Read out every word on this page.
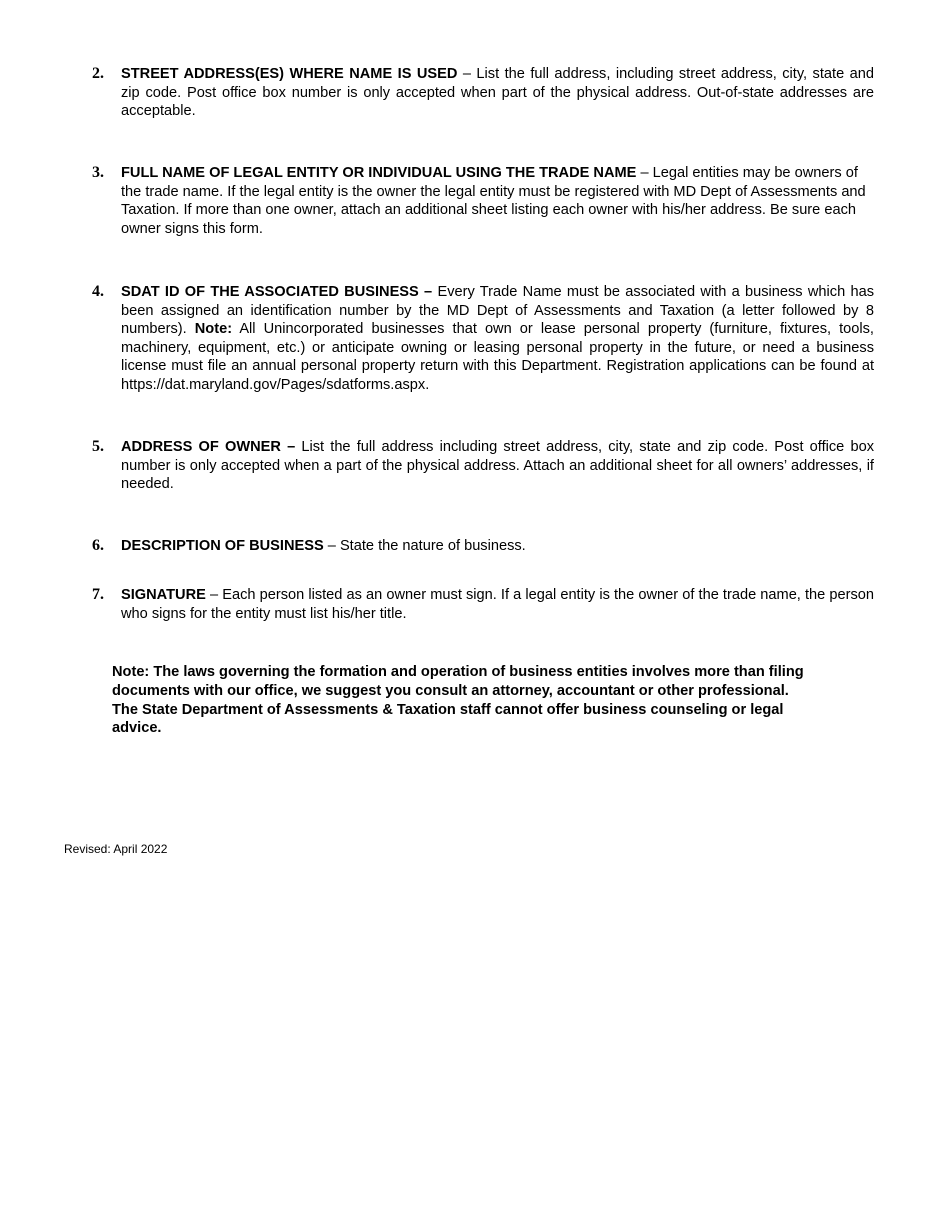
2. STREET ADDRESS(ES) WHERE NAME IS USED – List the full address, including street address, city, state and zip code. Post office box number is only accepted when part of the physical address. Out-of-state addresses are acceptable.
3. FULL NAME OF LEGAL ENTITY OR INDIVIDUAL USING THE TRADE NAME – Legal entities may be owners of the trade name. If the legal entity is the owner the legal entity must be registered with MD Dept of Assessments and Taxation. If more than one owner, attach an additional sheet listing each owner with his/her address. Be sure each owner signs this form.
4. SDAT ID OF THE ASSOCIATED BUSINESS – Every Trade Name must be associated with a business which has been assigned an identification number by the MD Dept of Assessments and Taxation (a letter followed by 8 numbers). Note: All Unincorporated businesses that own or lease personal property (furniture, fixtures, tools, machinery, equipment, etc.) or anticipate owning or leasing personal property in the future, or need a business license must file an annual personal property return with this Department. Registration applications can be found at https://dat.maryland.gov/Pages/sdatforms.aspx.
5. ADDRESS OF OWNER – List the full address including street address, city, state and zip code. Post office box number is only accepted when a part of the physical address. Attach an additional sheet for all owners’ addresses, if needed.
6. DESCRIPTION OF BUSINESS – State the nature of business.
7. SIGNATURE – Each person listed as an owner must sign. If a legal entity is the owner of the trade name, the person who signs for the entity must list his/her title.
Note: The laws governing the formation and operation of business entities involves more than filing
documents with our office, we suggest you consult an attorney, accountant or other professional.
The State Department of Assessments & Taxation staff cannot offer business counseling or legal
advice.
Revised: April 2022
